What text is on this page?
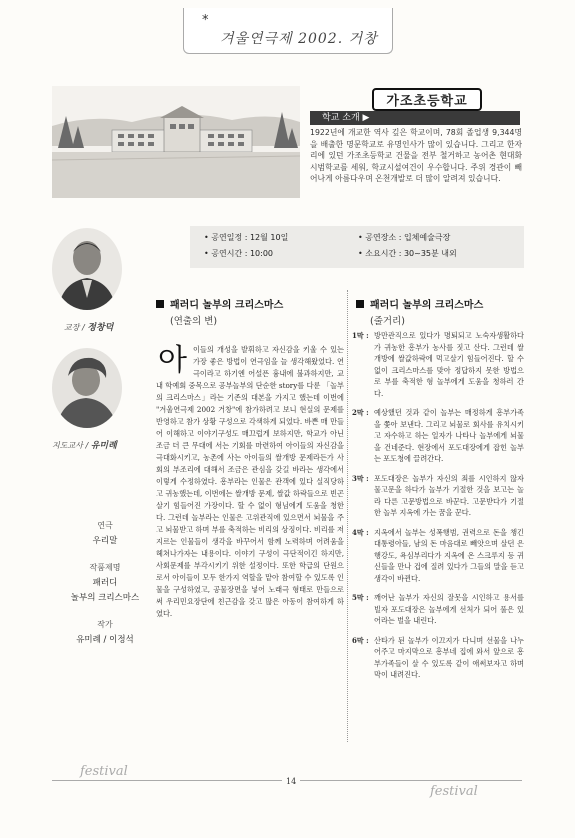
*
겨울연극제 2002. 거창
가조초등학교
학교 소개 ▶
1922년에 개교한 역사 깊은 학교이며, 78회 졸업생 9,344명을 배출한 명문학교로 유명인사가 많이 있습니다. 그리고 한자리에 있던 가조초등학교 건물을 전부 철거하고 농어촌 현대화 시범학교를 세워, 학교시설여건이 우수합니다. 주위 경관이 빼어나게 아름다우며 온천개발로 더 많이 알려져 있습니다.
• 공연일정 : 12월 10일
• 공연시간 : 10:00
• 공연장소 : 입체예술극장
• 소요시간 : 30~35분 내외
교장 / 정창덕
지도교사 / 유미례
연극
우리말
작품제명
패러디
놀부의 크리스마스
작가
유미례 / 이정석
패러디 놀부의 크리스마스
(연출의 변)
아이들의 개성을 발휘하고 자신감을 키울 수 있는 가장 좋은 방법이 연극임을 늘 생각해왔었다. 연극이라고 하기엔 어설픈 흉내에 불과하지만, 교내 학예회 중목으로 공부놀부의 단순한 story를 다룬 「놀부의 크리스마스」라는 기존의 대본을 가지고 했는데 이번에 "겨울연극제 2002 거창"에 참가하려고 보니 현실의 문제를 반영하고 참가 상황 구성으로 각색하게 되었다. 바쁜 매 만들어 이해하고 이야기구성도 매끄럽게 보하지만, 학교가 아닌 조금 더 큰 무대에 서는 기회를 마련하여 아이들의 자신감을 극대화시키고, 농촌에 사는 아이들의 쌀개방 문제라든가 사회의 부조리에 대해서 조금은 관심을 갖길 바라는 생각에서 이렇게 수정하였다. 흥부라는 인물은 관객에 있다 실직당하고 귀농했는데, 이번에는 쌀개방 문제, 쌀값 하락들으로 빈곤살기 힘들어진 가장이다. 할 수 없이 형님에게 도움을 청한다. 그런데 놀부라는 인물은 고위관직에 있으면서 뇌물을 주고 뇌물받고 하며 부를 축적하는 비리의 상징이다. 비리를 저지르는 인물들이 생각을 바꾸어서 함께 노력하며 어려움을 헤쳐나가자는 내용이다. 이야기 구성이 극단적이긴 하지만, 사회문제를 부각시키기 위한 설정이다. 또한 학급의 단원으로서 아이들이 모두 한가지 역할을 맡아 참여할 수 있도록 인물을 구성하였고, 공물장면을 넣어 노래극 형태로 만들으로써 우리민요장단에 친근감을 갖고 많은 아동이 참여하게 하였다.
패러디 놀부의 크리스마스
(줄거리)
1막 : 방만관직으로 있다가 명퇴되고 노숙자생활하다가 귀농한 흥부가 농사를 짓고 산다. 그런데 쌀개방에 쌀값하락에 먹고살기 힘들어진다. 할 수 없이 크리스마스를 맞아 정답하지 못한 방법으로 부를 축적한 형 놀부에게 도움을 청하러 간다.
2막 : 예상했던 것과 같이 놀부는 매정하게 흥부가족을 쫓아 보낸다. 그리고 뇌물로 회사를 유치시키고 자수하고 하는 일자가 나타나 놀부에게 뇌물을 건네준다. 현장에서 포도대장에게 잡힌 놀부는 포도청에 끌려간다.
3막 : 포도대장은 놀부가 자신의 죄를 시인하지 않자 물고문을 하다가 놀부가 기절한 것을 보고는 놀라 다른 고문방법으로 바꾼다. 고문받다가 기절한 놀부 지옥에 가는 꿈을 꾼다.
4막 : 지옥에서 놀부는 성폭행범, 권력으로 돈을 챙긴 대통령아들, 남의 돈 마음대로 빼앗으며 살던 은행강도, 욕심부리다가 지옥에 온 스크루지 등 귀신들을 만나 겁에 질려 있다가 그들의 말을 듣고 생각이 바뀐다.
5막 : 깨어난 놀부가 자신의 잘못을 시인하고 용서를 빌자 포도대장은 놀부에게 선처가 되어 풀은 있어라는 벌을 내린다.
6막 : 산타가 된 놀부가 이끄지가 다니며 선물을 나누어주고 마지막으로 흥부네 집에 와서 앞으로 흥부가족들이 살 수 있도록 같이 애써보자고 하며 막이 내려진다.
festival
14
festival
